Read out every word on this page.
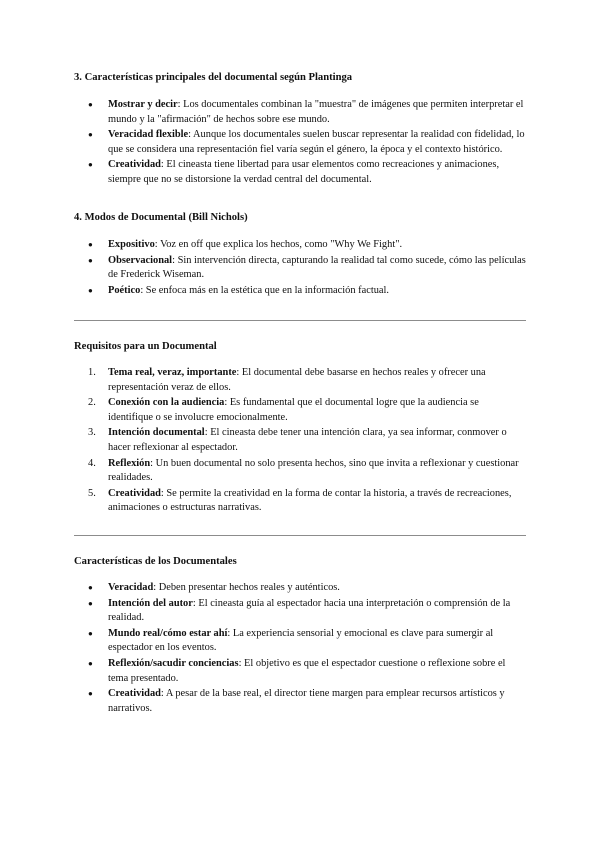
3. Características principales del documental según Plantinga
● Mostrar y decir: Los documentales combinan la "muestra" de imágenes que permiten interpretar el mundo y la "afirmación" de hechos sobre ese mundo.
● Veracidad flexible: Aunque los documentales suelen buscar representar la realidad con fidelidad, lo que se considera una representación fiel varía según el género, la época y el contexto histórico.
● Creatividad: El cineasta tiene libertad para usar elementos como recreaciones y animaciones, siempre que no se distorsione la verdad central del documental.
4. Modos de Documental (Bill Nichols)
● Expositivo: Voz en off que explica los hechos, como "Why We Fight".
● Observacional: Sin intervención directa, capturando la realidad tal como sucede, cómo las películas de Frederick Wiseman.
● Poético: Se enfoca más en la estética que en la información factual.
Requisitos para un Documental
1. Tema real, veraz, importante: El documental debe basarse en hechos reales y ofrecer una representación veraz de ellos.
2. Conexión con la audiencia: Es fundamental que el documental logre que la audiencia se identifique o se involucre emocionalmente.
3. Intención documental: El cineasta debe tener una intención clara, ya sea informar, conmover o hacer reflexionar al espectador.
4. Reflexión: Un buen documental no solo presenta hechos, sino que invita a reflexionar y cuestionar realidades.
5. Creatividad: Se permite la creatividad en la forma de contar la historia, a través de recreaciones, animaciones o estructuras narrativas.
Características de los Documentales
● Veracidad: Deben presentar hechos reales y auténticos.
● Intención del autor: El cineasta guía al espectador hacia una interpretación o comprensión de la realidad.
● Mundo real/cómo estar ahí: La experiencia sensorial y emocional es clave para sumergir al espectador en los eventos.
● Reflexión/sacudir conciencias: El objetivo es que el espectador cuestione o reflexione sobre el tema presentado.
● Creatividad: A pesar de la base real, el director tiene margen para emplear recursos artísticos y narrativos.
